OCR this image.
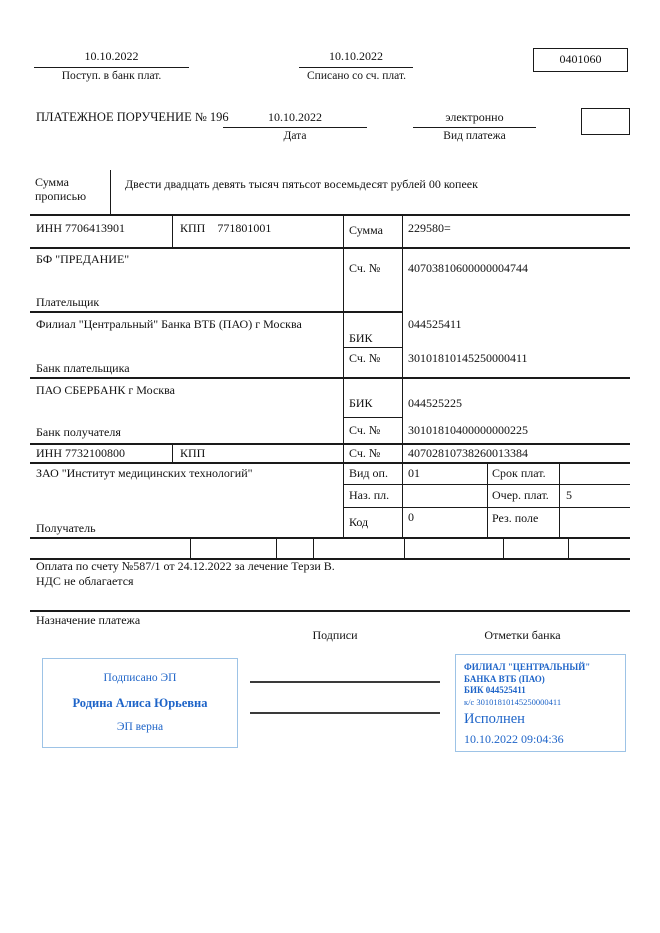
10.10.2022
Поступ. в банк плат.
10.10.2022
Списано со сч. плат.
0401060
ПЛАТЕЖНОЕ ПОРУЧЕНИЕ № 196	10.10.2022
Дата
электронно
Вид платежа
Сумма прописью
Двести двадцать девять тысяч пятьсот восемьдесят рублей 00 копеек
ИНН 7706413901	КПП 771801001	Сумма 229580=
БФ "ПРЕДАНИЕ"
Сч. № 40703810600000004744
Плательщик
Филиал "Центральный" Банка ВТБ (ПАО) г Москва
БИК
044525411
Сч. № 30101810145250000411
Банк плательщика
ПАО СБЕРБАНК г Москва
БИК	044525225
Сч. № 30101810400000000225
Банк получателя
ИНН 7732100800	КПП	Сч. № 40702810738260013384
ЗАО "Институт медицинских технологий"	Вид оп. 01	Срок плат.
Наз. пл.	Очер. плат. 5
Код	0	Рез. поле
Получатель
Оплата по счету №587/1 от 24.12.2022 за лечение Терзи В.
НДС не облагается
Назначение платежа
Подписи	Отметки банка
Подписано ЭП
Родина Алиса Юрьевна
ЭП верна
ФИЛИАЛ "ЦЕНТРАЛЬНЫЙ" БАНКА ВТБ (ПАО)
БИК 044525411
к/с 30101810145250000411
Исполнен
10.10.2022 09:04:36
